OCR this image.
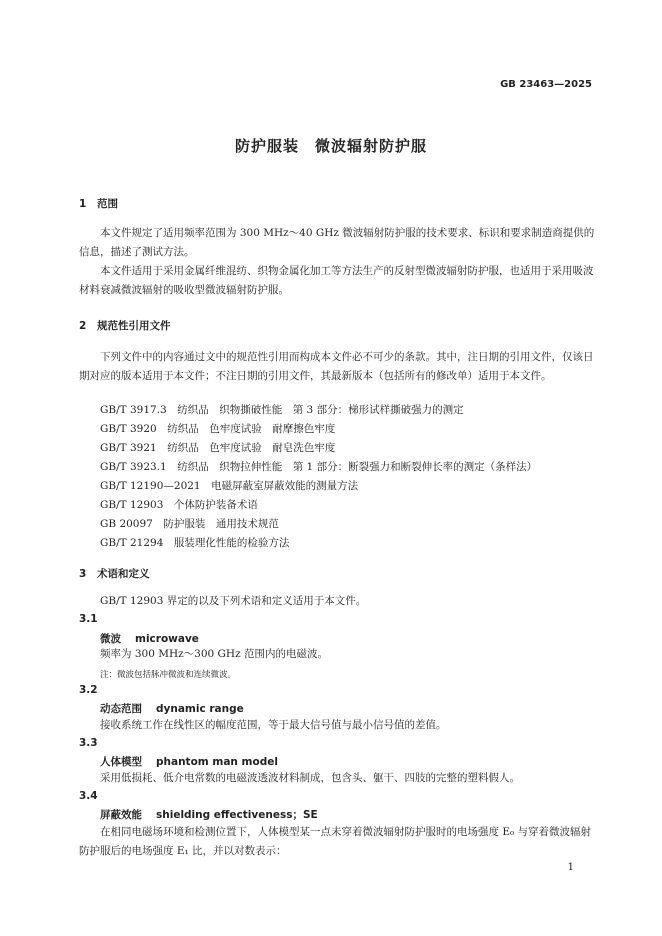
GB 23463—2025
防护服装　微波辐射防护服
1 范围
本文件规定了适用频率范围为 300 MHz～40 GHz 微波辐射防护服的技术要求、标识和要求制造商提供的信息，描述了测试方法。
本文件适用于采用金属纤维混纺、织物金属化加工等方法生产的反射型微波辐射防护服，也适用于采用吸波材料衰减微波辐射的吸收型微波辐射防护服。
2 规范性引用文件
下列文件中的内容通过文中的规范性引用而构成本文件必不可少的条款。其中，注日期的引用文件，仅该日期对应的版本适用于本文件；不注日期的引用文件，其最新版本（包括所有的修改单）适用于本文件。
GB/T 3917.3　纺织品　织物撕破性能　第 3 部分：梯形试样撕破强力的测定
GB/T 3920　纺织品　色牢度试验　耐摩擦色牢度
GB/T 3921　纺织品　色牢度试验　耐皂洗色牢度
GB/T 3923.1　纺织品　织物拉伸性能　第 1 部分：断裂强力和断裂伸长率的测定（条样法）
GB/T 12190—2021　电磁屏蔽室屏蔽效能的测量方法
GB/T 12903　个体防护装备术语
GB 20097　防护服装　通用技术规范
GB/T 21294　服装理化性能的检验方法
3 术语和定义
GB/T 12903 界定的以及下列术语和定义适用于本文件。
3.1
微波 microwave
频率为 300 MHz～300 GHz 范围内的电磁波。
注：微波包括脉冲微波和连续微波。
3.2
动态范围 dynamic range
接收系统工作在线性区的幅度范围，等于最大信号值与最小信号值的差值。
3.3
人体模型 phantom man model
采用低损耗、低介电常数的电磁波透波材料制成，包含头、躯干、四肢的完整的塑料假人。
3.4
屏蔽效能 shielding effectiveness；SE
在相同电磁场环境和检测位置下，人体模型某一点未穿着微波辐射防护服时的电场强度 E₀ 与穿着微波辐射防护服后的电场强度 E₁ 比，并以对数表示：
1
